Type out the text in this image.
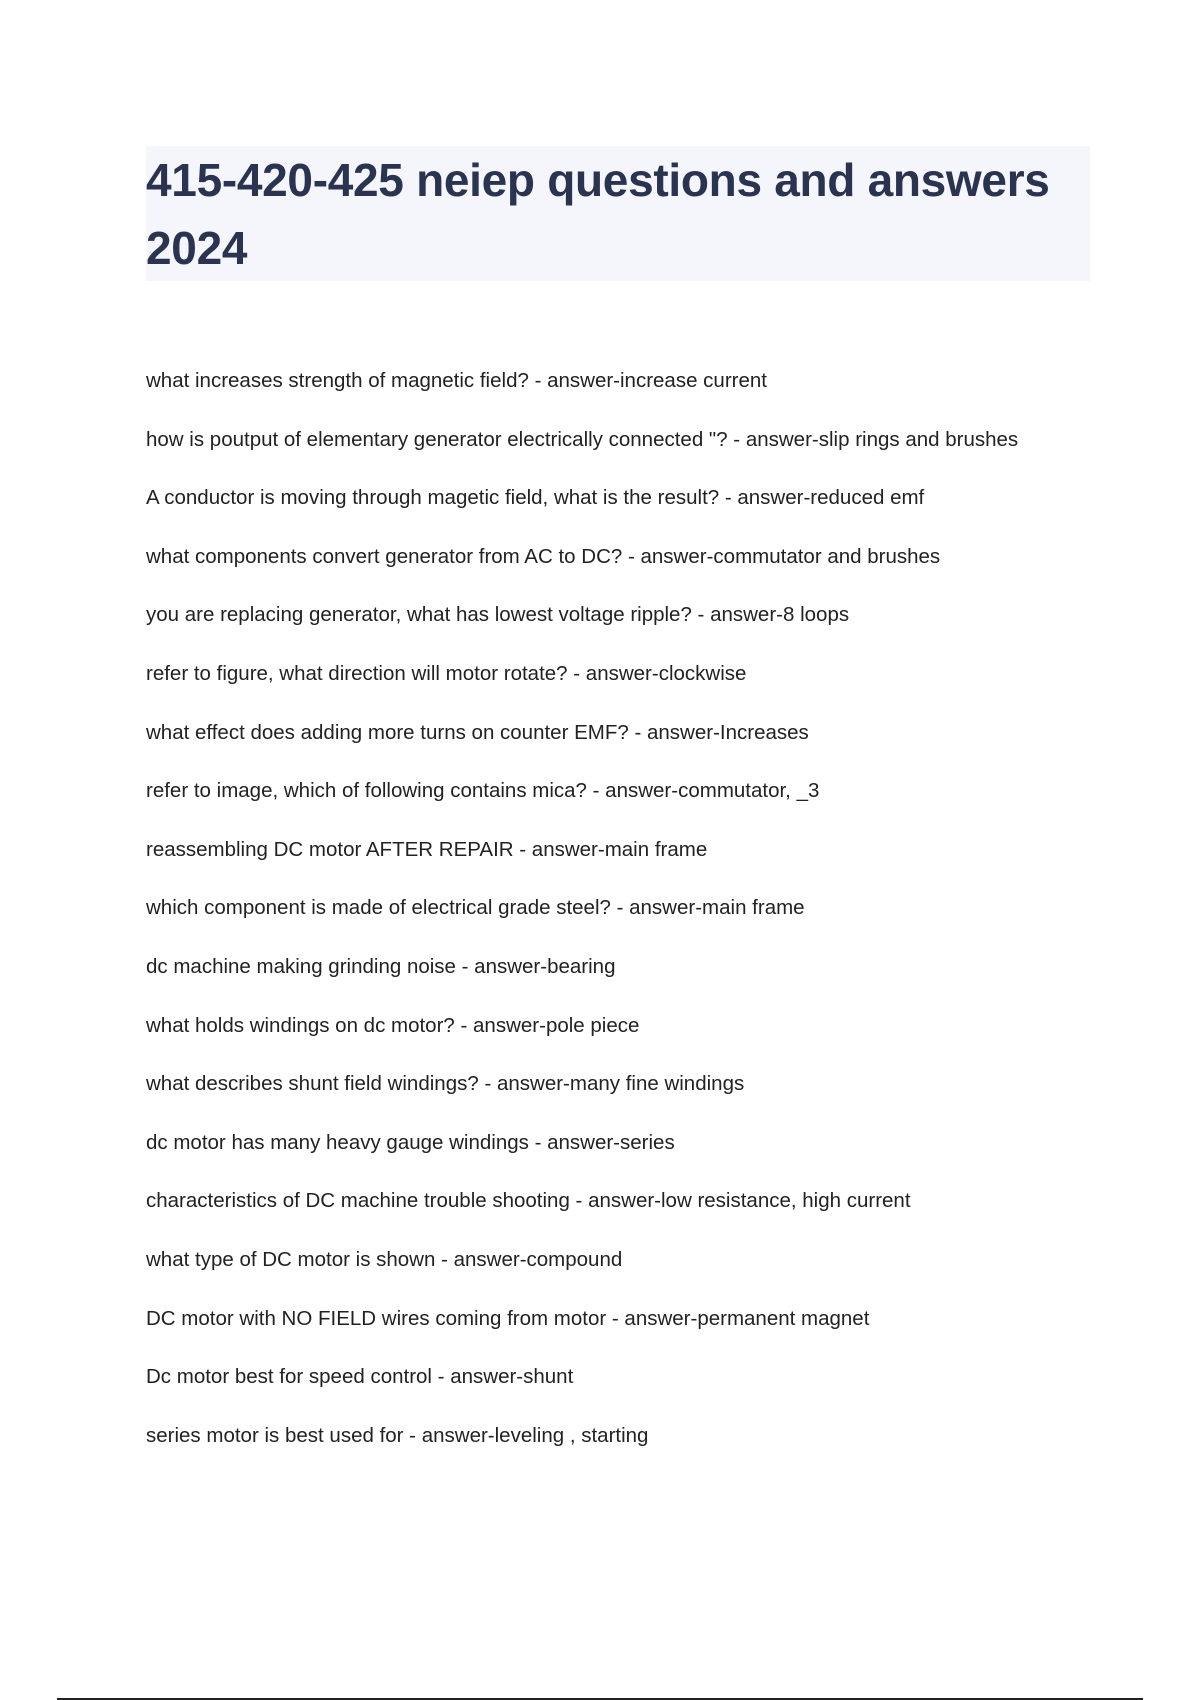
415-420-425 neiep questions and answers 2024
what increases strength of magnetic field? - answer-increase current
how is poutput of elementary generator electrically connected "? - answer-slip rings and brushes
A conductor is moving through magetic field, what is the result? - answer-reduced emf
what components convert generator from AC to DC? - answer-commutator and brushes
you are replacing generator, what has lowest voltage ripple? - answer-8 loops
refer to figure, what direction will motor rotate? - answer-clockwise
what effect does adding more turns on counter EMF? - answer-Increases
refer to image, which of following contains mica? - answer-commutator, _3
reassembling DC motor AFTER REPAIR - answer-main frame
which component is made of electrical grade steel? - answer-main frame
dc machine making grinding noise - answer-bearing
what holds windings on dc motor? - answer-pole piece
what describes shunt field windings? - answer-many fine windings
dc motor has many heavy gauge windings - answer-series
characteristics of DC machine trouble shooting - answer-low resistance, high current
what type of DC motor is shown - answer-compound
DC motor with NO FIELD wires coming from motor - answer-permanent magnet
Dc motor best for speed control - answer-shunt
series motor is best used for - answer-leveling , starting
